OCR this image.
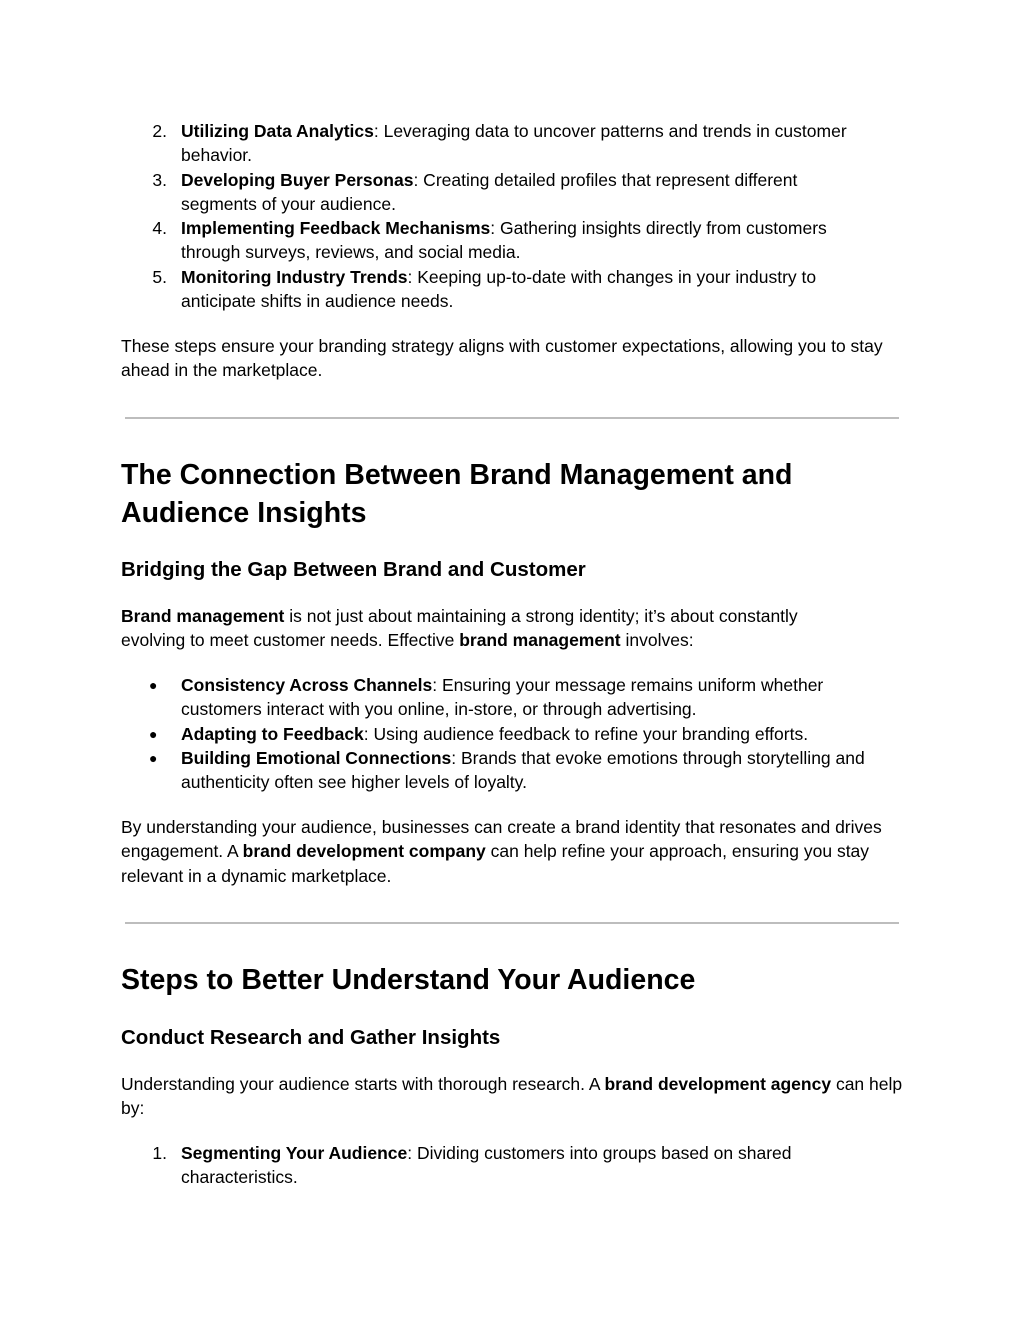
2. Utilizing Data Analytics: Leveraging data to uncover patterns and trends in customer behavior.
3. Developing Buyer Personas: Creating detailed profiles that represent different segments of your audience.
4. Implementing Feedback Mechanisms: Gathering insights directly from customers through surveys, reviews, and social media.
5. Monitoring Industry Trends: Keeping up-to-date with changes in your industry to anticipate shifts in audience needs.

These steps ensure your branding strategy aligns with customer expectations, allowing you to stay ahead in the marketplace.

The Connection Between Brand Management and Audience Insights
Bridging the Gap Between Brand and Customer

Brand management is not just about maintaining a strong identity; it’s about constantly evolving to meet customer needs. Effective brand management involves:

● Consistency Across Channels: Ensuring your message remains uniform whether customers interact with you online, in-store, or through advertising.
● Adapting to Feedback: Using audience feedback to refine your branding efforts.
● Building Emotional Connections: Brands that evoke emotions through storytelling and authenticity often see higher levels of loyalty.

By understanding your audience, businesses can create a brand identity that resonates and drives engagement. A brand development company can help refine your approach, ensuring you stay relevant in a dynamic marketplace.

Steps to Better Understand Your Audience
Conduct Research and Gather Insights

Understanding your audience starts with thorough research. A brand development agency can help by:

1. Segmenting Your Audience: Dividing customers into groups based on shared characteristics.
